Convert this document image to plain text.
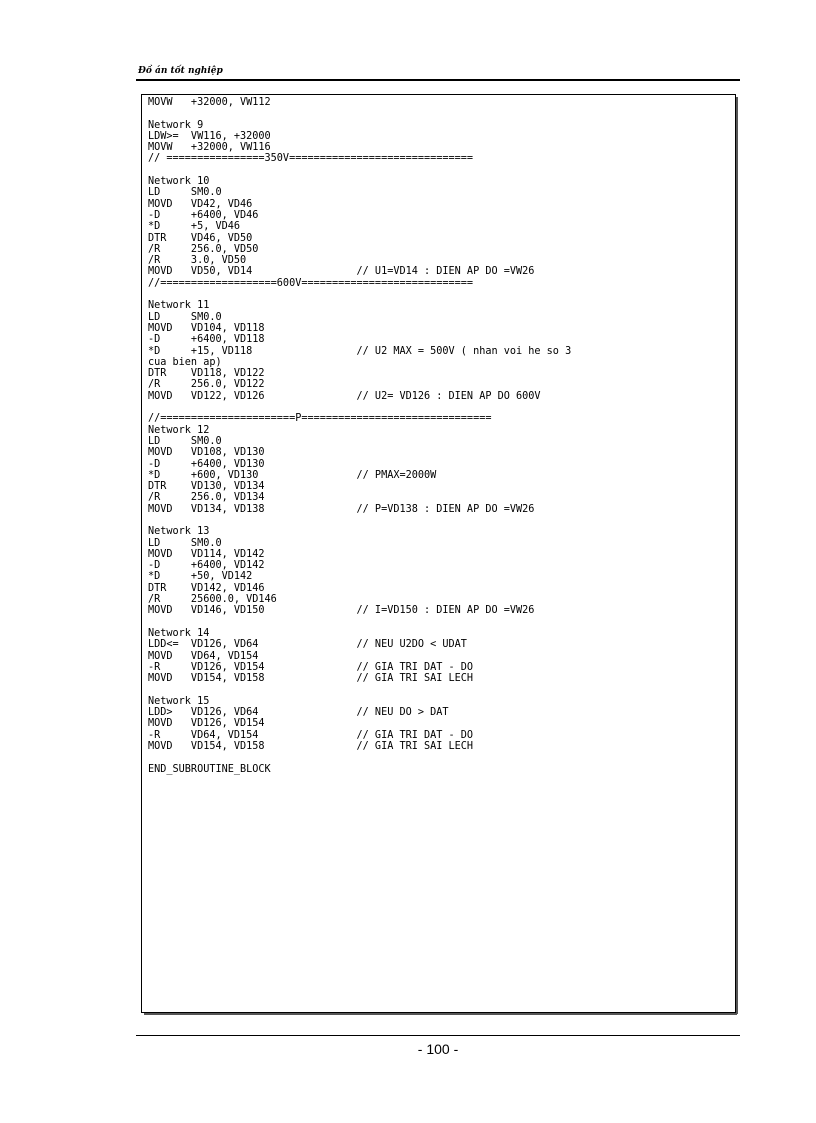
Đồ án tốt nghiệp
MOVW   +32000, VW112
Network 9
LDW>=  VW116, +32000
MOVW   +32000, VW116
// ================350V==============================
Network 10
LD     SM0.0
MOVD   VD42, VD46
-D     +6400, VD46
*D     +5, VD46
DTR    VD46, VD50
/R     256.0, VD50
/R     3.0, VD50
MOVD   VD50, VD14                 // U1=VD14 : DIEN AP DO =VW26
//===================600V============================
Network 11
LD     SM0.0
MOVD   VD104, VD118
-D     +6400, VD118
*D     +15, VD118                 // U2 MAX = 500V ( nhan voi he so 3
cua bien ap)
DTR    VD118, VD122
/R     256.0, VD122
MOVD   VD122, VD126               // U2= VD126 : DIEN AP DO 600V
//======================P===============================
Network 12
LD     SM0.0
MOVD   VD108, VD130
-D     +6400, VD130
*D     +600, VD130                // PMAX=2000W
DTR    VD130, VD134
/R     256.0, VD134
MOVD   VD134, VD138               // P=VD138 : DIEN AP DO =VW26
Network 13
LD     SM0.0
MOVD   VD114, VD142
-D     +6400, VD142
*D     +50, VD142
DTR    VD142, VD146
/R     25600.0, VD146
MOVD   VD146, VD150               // I=VD150 : DIEN AP DO =VW26
Network 14
LDD<=  VD126, VD64                // NEU U2DO < UDAT
MOVD   VD64, VD154
-R     VD126, VD154               // GIA TRI DAT - DO
MOVD   VD154, VD158               // GIA TRI SAI LECH
Network 15
LDD>   VD126, VD64                // NEU DO > DAT
MOVD   VD126, VD154
-R     VD64, VD154                // GIA TRI DAT - DO
MOVD   VD154, VD158               // GIA TRI SAI LECH
END_SUBROUTINE_BLOCK
- 100 -
